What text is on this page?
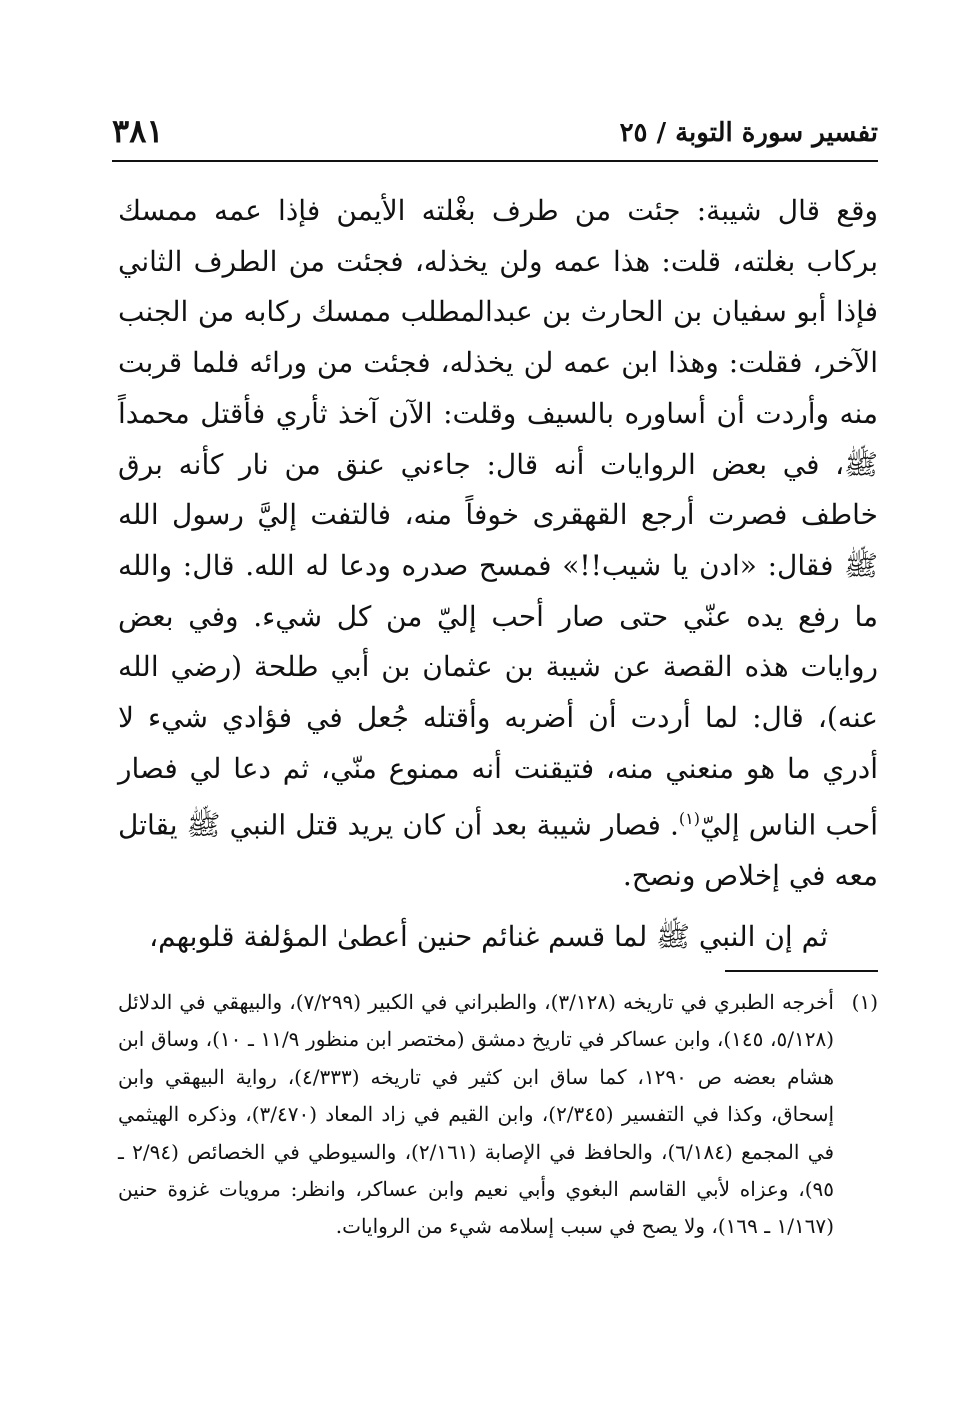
تفسير سورة التوبة / ٢٥
٣٨١

وقع قال شيبة: جئت من طرف بغْلته الأيمن فإذا عمه ممسك بركاب بغلته، قلت: هذا عمه ولن يخذله، فجئت من الطرف الثاني فإذا أبو سفيان بن الحارث بن عبدالمطلب ممسك ركابه من الجنب الآخر، فقلت: وهذا ابن عمه لن يخذله، فجئت من ورائه فلما قربت منه وأردت أن أساوره بالسيف وقلت: الآن آخذ ثأري فأقتل محمداً ﷺ، في بعض الروايات أنه قال: جاءني عنق من نار كأنه برق خاطف فصرت أرجع القهقرى خوفاً منه، فالتفت إليَّ رسول الله ﷺ فقال: «ادن يا شيب!!» فمسح صدره ودعا له الله. قال: والله ما رفع يده عنّي حتى صار أحب إليّ من كل شيء. وفي بعض روايات هذه القصة عن شيبة بن عثمان بن أبي طلحة (رضي الله عنه)، قال: لما أردت أن أضربه وأقتله جُعل في فؤادي شيء لا أدري ما هو منعني منه، فتيقنت أنه ممنوع منّي، ثم دعا لي فصار أحب الناس إليّ$^{(١)}$. فصار شيبة بعد أن كان يريد قتل النبي ﷺ يقاتل معه في إخلاص ونصح.

ثم إن النبي ﷺ لما قسم غنائم حنين أعطىٰ المؤلفة قلوبهم،

(١)
أخرجه الطبري في تاريخه (٣/١٢٨)، والطبراني في الكبير (٧/٢٩٩)، والبيهقي في الدلائل (٥/١٢٨، ١٤٥)، وابن عساكر في تاريخ دمشق (مختصر ابن منظور ١١/٩ ـ ١٠)، وساق ابن هشام بعضه ص ١٢٩٠، كما ساق ابن كثير في تاريخه (٤/٣٣٣)، رواية البيهقي وابن إسحاق، وكذا في التفسير (٢/٣٤٥)، وابن القيم في زاد المعاد (٣/٤٧٠)، وذكره الهيثمي في المجمع (٦/١٨٤)، والحافظ في الإصابة (٢/١٦١)، والسيوطي في الخصائص (٢/٩٤ ـ ٩٥)، وعزاه لأبي القاسم البغوي وأبي نعيم وابن عساكر، وانظر: مرويات غزوة حنين (١/١٦٧ ـ ١٦٩)، ولا يصح في سبب إسلامه شيء من الروايات.
